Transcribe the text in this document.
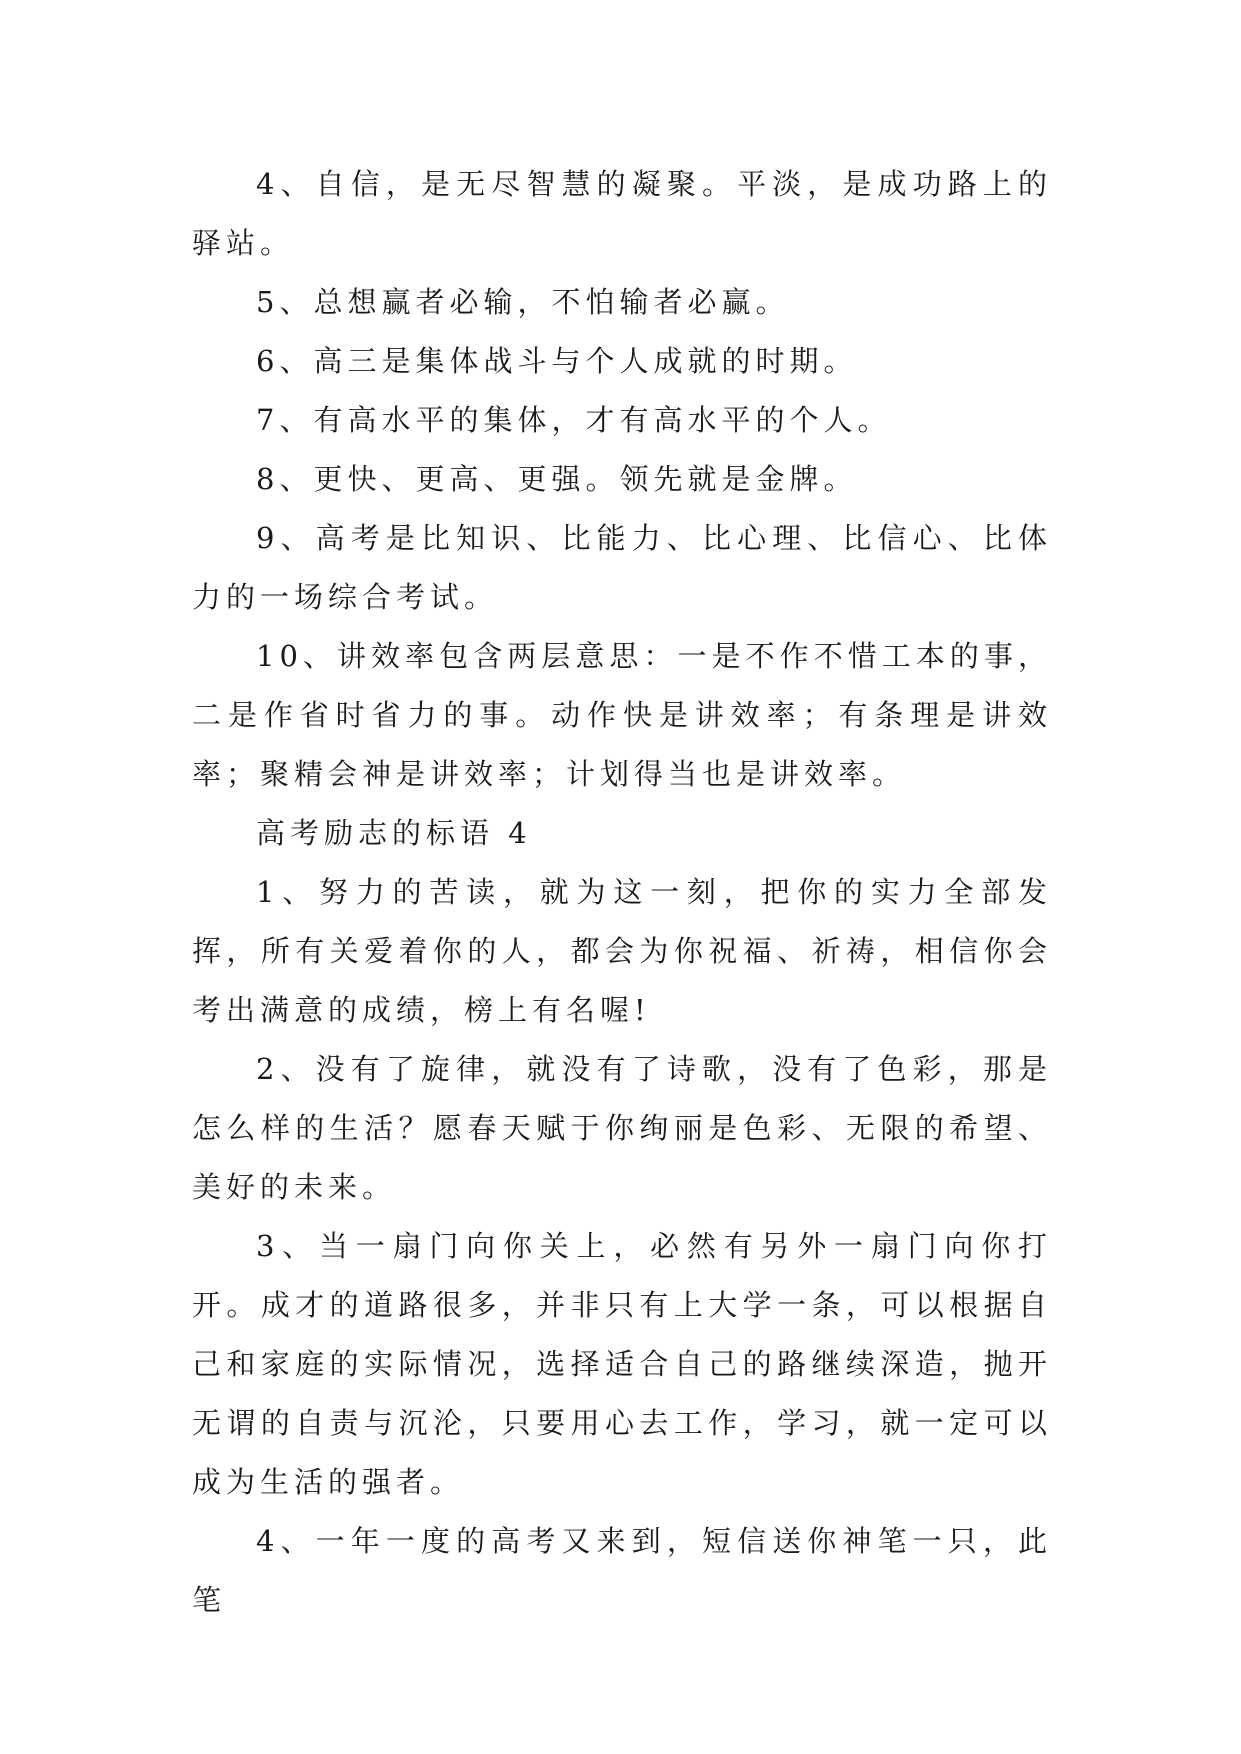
4、自信，是无尽智慧的凝聚。平淡，是成功路上的驿站。

5、总想赢者必输，不怕输者必赢。

6、高三是集体战斗与个人成就的时期。

7、有高水平的集体，才有高水平的个人。

8、更快、更高、更强。领先就是金牌。

9、高考是比知识、比能力、比心理、比信心、比体力的一场综合考试。

10、讲效率包含两层意思：一是不作不惜工本的事，二是作省时省力的事。动作快是讲效率；有条理是讲效率；聚精会神是讲效率；计划得当也是讲效率。

高考励志的标语 4

1、努力的苦读，就为这一刻，把你的实力全部发挥，所有关爱着你的人，都会为你祝福、祈祷，相信你会考出满意的成绩，榜上有名喔!

2、没有了旋律，就没有了诗歌，没有了色彩，那是怎么样的生活？愿春天赋于你绚丽是色彩、无限的希望、美好的未来。

3、当一扇门向你关上，必然有另外一扇门向你打开。成才的道路很多，并非只有上大学一条，可以根据自己和家庭的实际情况，选择适合自己的路继续深造，抛开无谓的自责与沉沦，只要用心去工作，学习，就一定可以成为生活的强者。

4、一年一度的高考又来到，短信送你神笔一只，此笔
